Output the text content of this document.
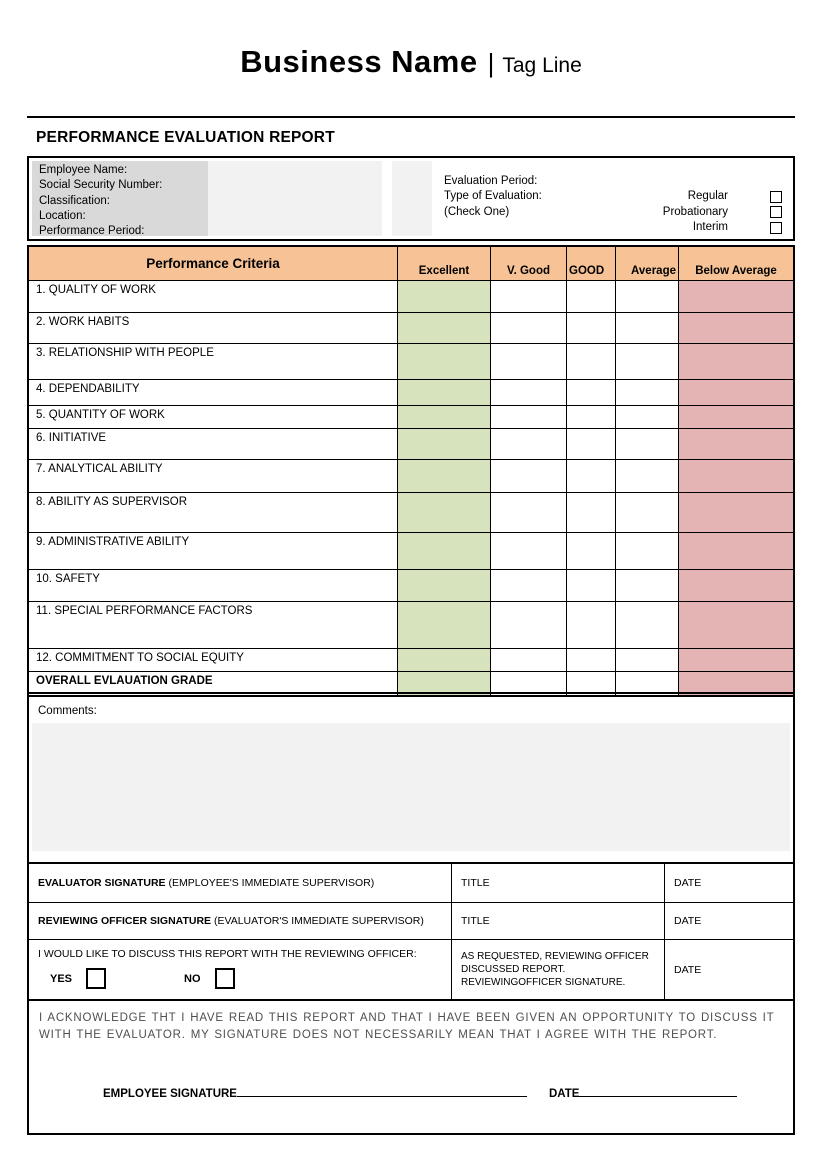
Business Name | Tag Line
PERFORMANCE EVALUATION REPORT
Employee Name:
Social Security Number:
Classification:
Location:
Performance Period:
Evaluation Period:
Type of Evaluation:
(Check One)
Regular
Probationary
Interim
Performance Criteria	Excellent	V. Good	GOOD	Average	Below Average
1. QUALITY OF WORK
2. WORK HABITS
3. RELATIONSHIP WITH PEOPLE
4. DEPENDABILITY
5. QUANTITY OF WORK
6. INITIATIVE
7. ANALYTICAL ABILITY
8. ABILITY AS SUPERVISOR
9. ADMINISTRATIVE ABILITY
10. SAFETY
11. SPECIAL PERFORMANCE FACTORS
12. COMMITMENT TO SOCIAL EQUITY
OVERALL EVLAUATION GRADE
Comments:
EVALUATOR SIGNATURE (EMPLOYEE'S IMMEDIATE SUPERVISOR)	TITLE	DATE
REVIEWING OFFICER SIGNATURE (EVALUATOR'S IMMEDIATE SUPERVISOR)	TITLE	DATE
I WOULD LIKE TO DISCUSS THIS REPORT WITH THE REVIEWING OFFICER:
YES	NO
AS REQUESTED, REVIEWING OFFICER DISCUSSED REPORT. REVIEWINGOFFICER SIGNATURE.
DATE

I ACKNOWLEDGE THT I HAVE READ THIS REPORT AND THAT I HAVE BEEN GIVEN AN OPPORTUNITY TO DISCUSS IT WITH THE EVALUATOR. MY SIGNATURE DOES NOT NECESSARILY MEAN THAT I AGREE WITH THE REPORT.

EMPLOYEE SIGNATURE	DATE
